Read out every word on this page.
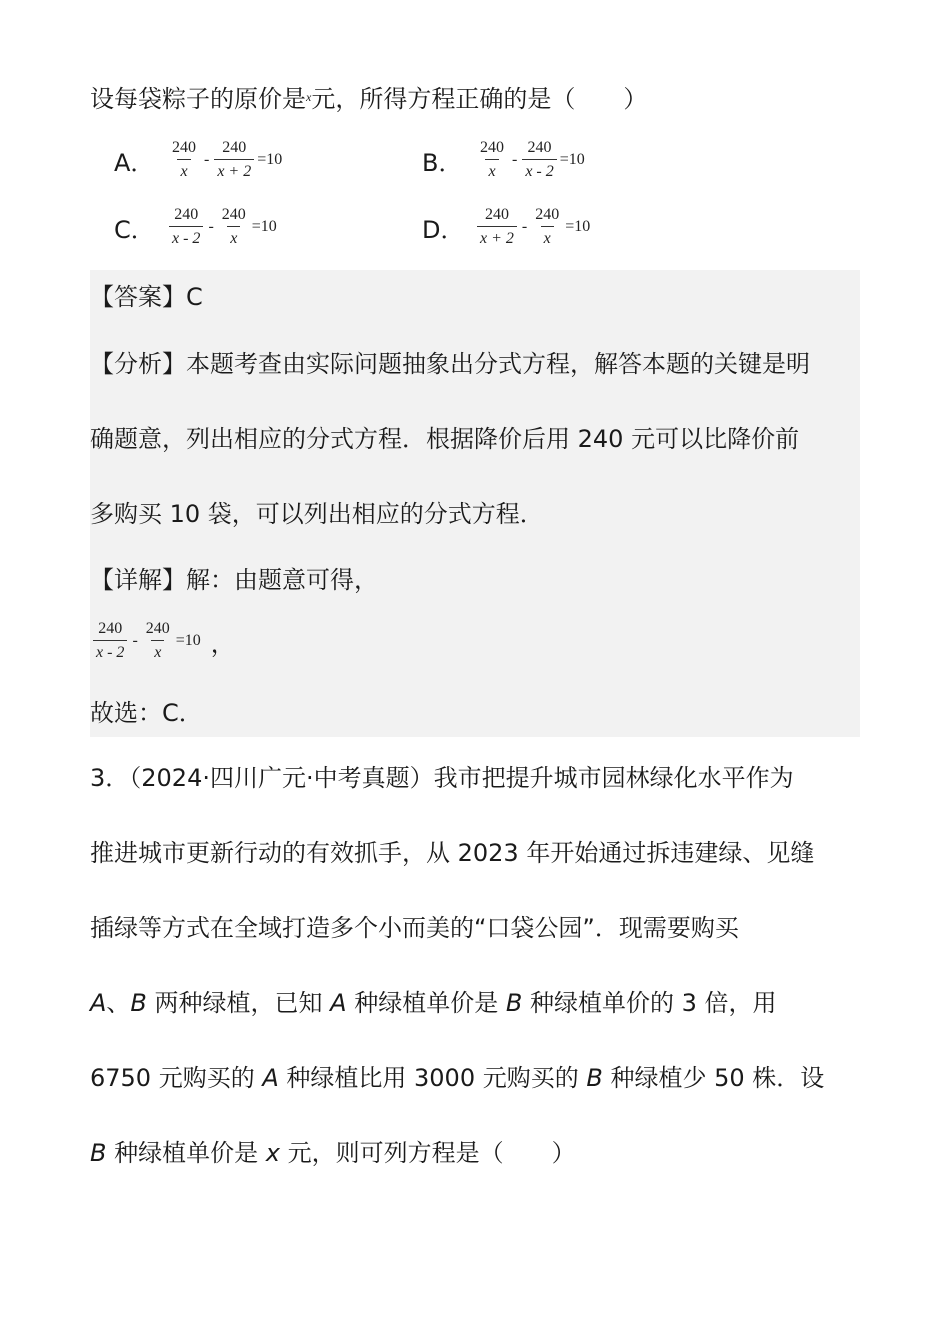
设每袋粽子的原价是$^x$元，所得方程正确的是（　　）
A． $\frac{240}{x} - \frac{240}{x + 2} =10$	B． $\frac{240}{x} - \frac{240}{x - 2} =10$
C． $\frac{240}{x - 2} - \frac{240}{x} =10$	D． $\frac{240}{x + 2} - \frac{240}{x} =10$
【答案】C
【分析】本题考查由实际问题抽象出分式方程，解答本题的关键是明
确题意，列出相应的分式方程．根据降价后用 240 元可以比降价前
多购买 10 袋，可以列出相应的分式方程．
【详解】解：由题意可得，
$\frac{240}{x - 2} - \frac{240}{x} =10$ ，
故选：C．
3．（2024·四川广元·中考真题）我市把提升城市园林绿化水平作为
推进城市更新行动的有效抓手，从 2023 年开始通过拆违建绿、见缝
插绿等方式在全域打造多个小而美的“口袋公园”．现需要购买
A、B 两种绿植，已知 A 种绿植单价是 B 种绿植单价的 3 倍，用
6750 元购买的 A 种绿植比用 3000 元购买的 B 种绿植少 50 株．设
B 种绿植单价是 x 元，则可列方程是（　　）
